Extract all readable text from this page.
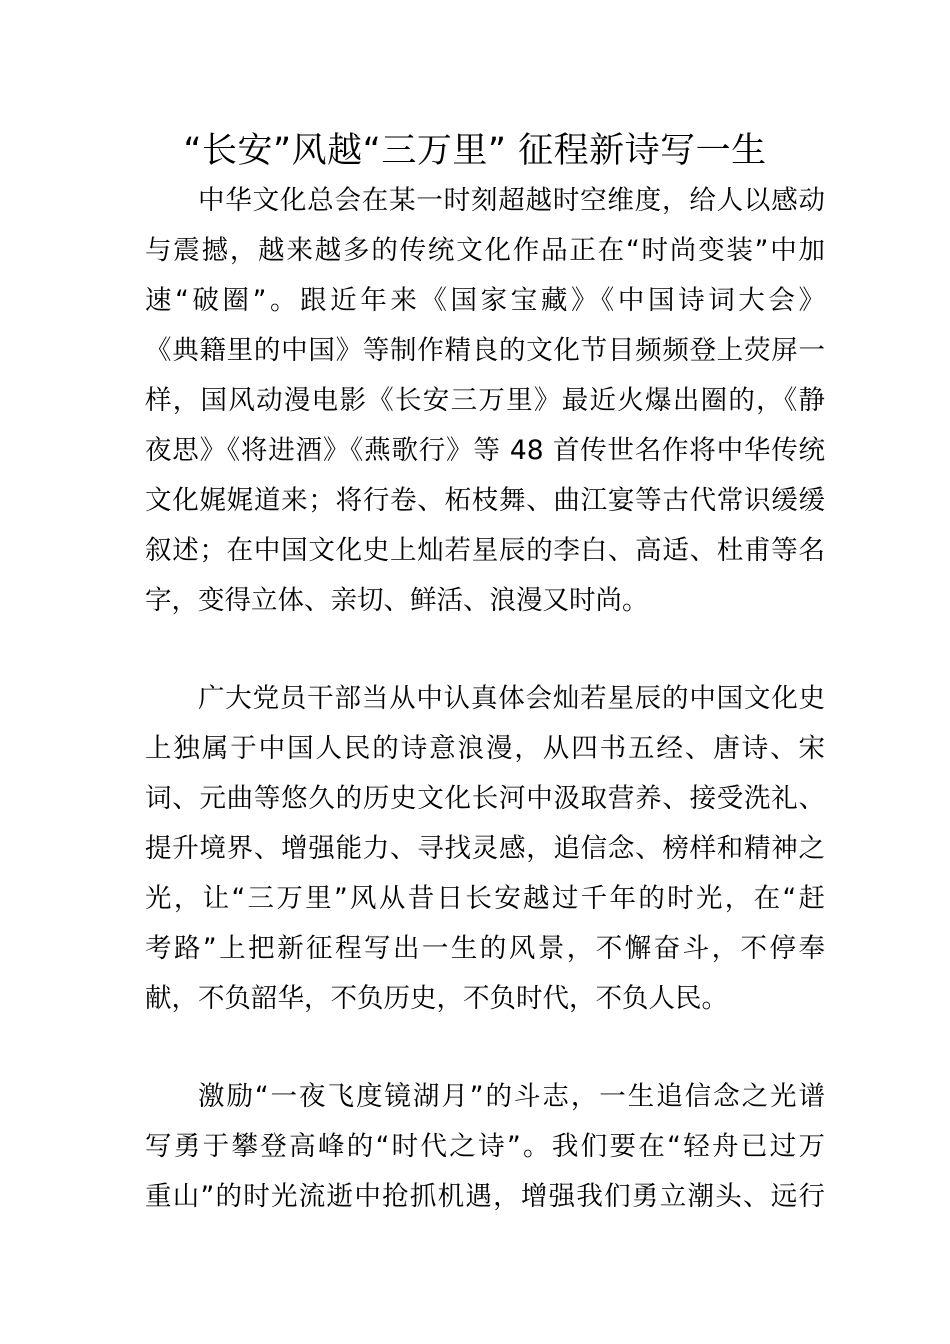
“长安”风越“三万里” 征程新诗写一生
中华文化总会在某一时刻超越时空维度，给人以感动
与震撼，越来越多的传统文化作品正在“时尚变装”中加
速“破圈”。跟近年来《国家宝藏》《中国诗词大会》
《典籍里的中国》等制作精良的文化节目频频登上荧屏一
样，国风动漫电影《长安三万里》最近火爆出圈的，《静
夜思》《将进酒》《燕歌行》等 48 首传世名作将中华传统
文化娓娓道来；将行卷、柘枝舞、曲江宴等古代常识缓缓
叙述；在中国文化史上灿若星辰的李白、高适、杜甫等名
字，变得立体、亲切、鲜活、浪漫又时尚。
广大党员干部当从中认真体会灿若星辰的中国文化史
上独属于中国人民的诗意浪漫，从四书五经、唐诗、宋
词、元曲等悠久的历史文化长河中汲取营养、接受洗礼、
提升境界、增强能力、寻找灵感，追信念、榜样和精神之
光，让“三万里”风从昔日长安越过千年的时光，在“赶
考路”上把新征程写出一生的风景，不懈奋斗，不停奉
献，不负韶华，不负历史，不负时代，不负人民。
激励“一夜飞度镜湖月”的斗志，一生追信念之光谱
写勇于攀登高峰的“时代之诗”。我们要在“轻舟已过万
重山”的时光流逝中抢抓机遇，增强我们勇立潮头、远行
